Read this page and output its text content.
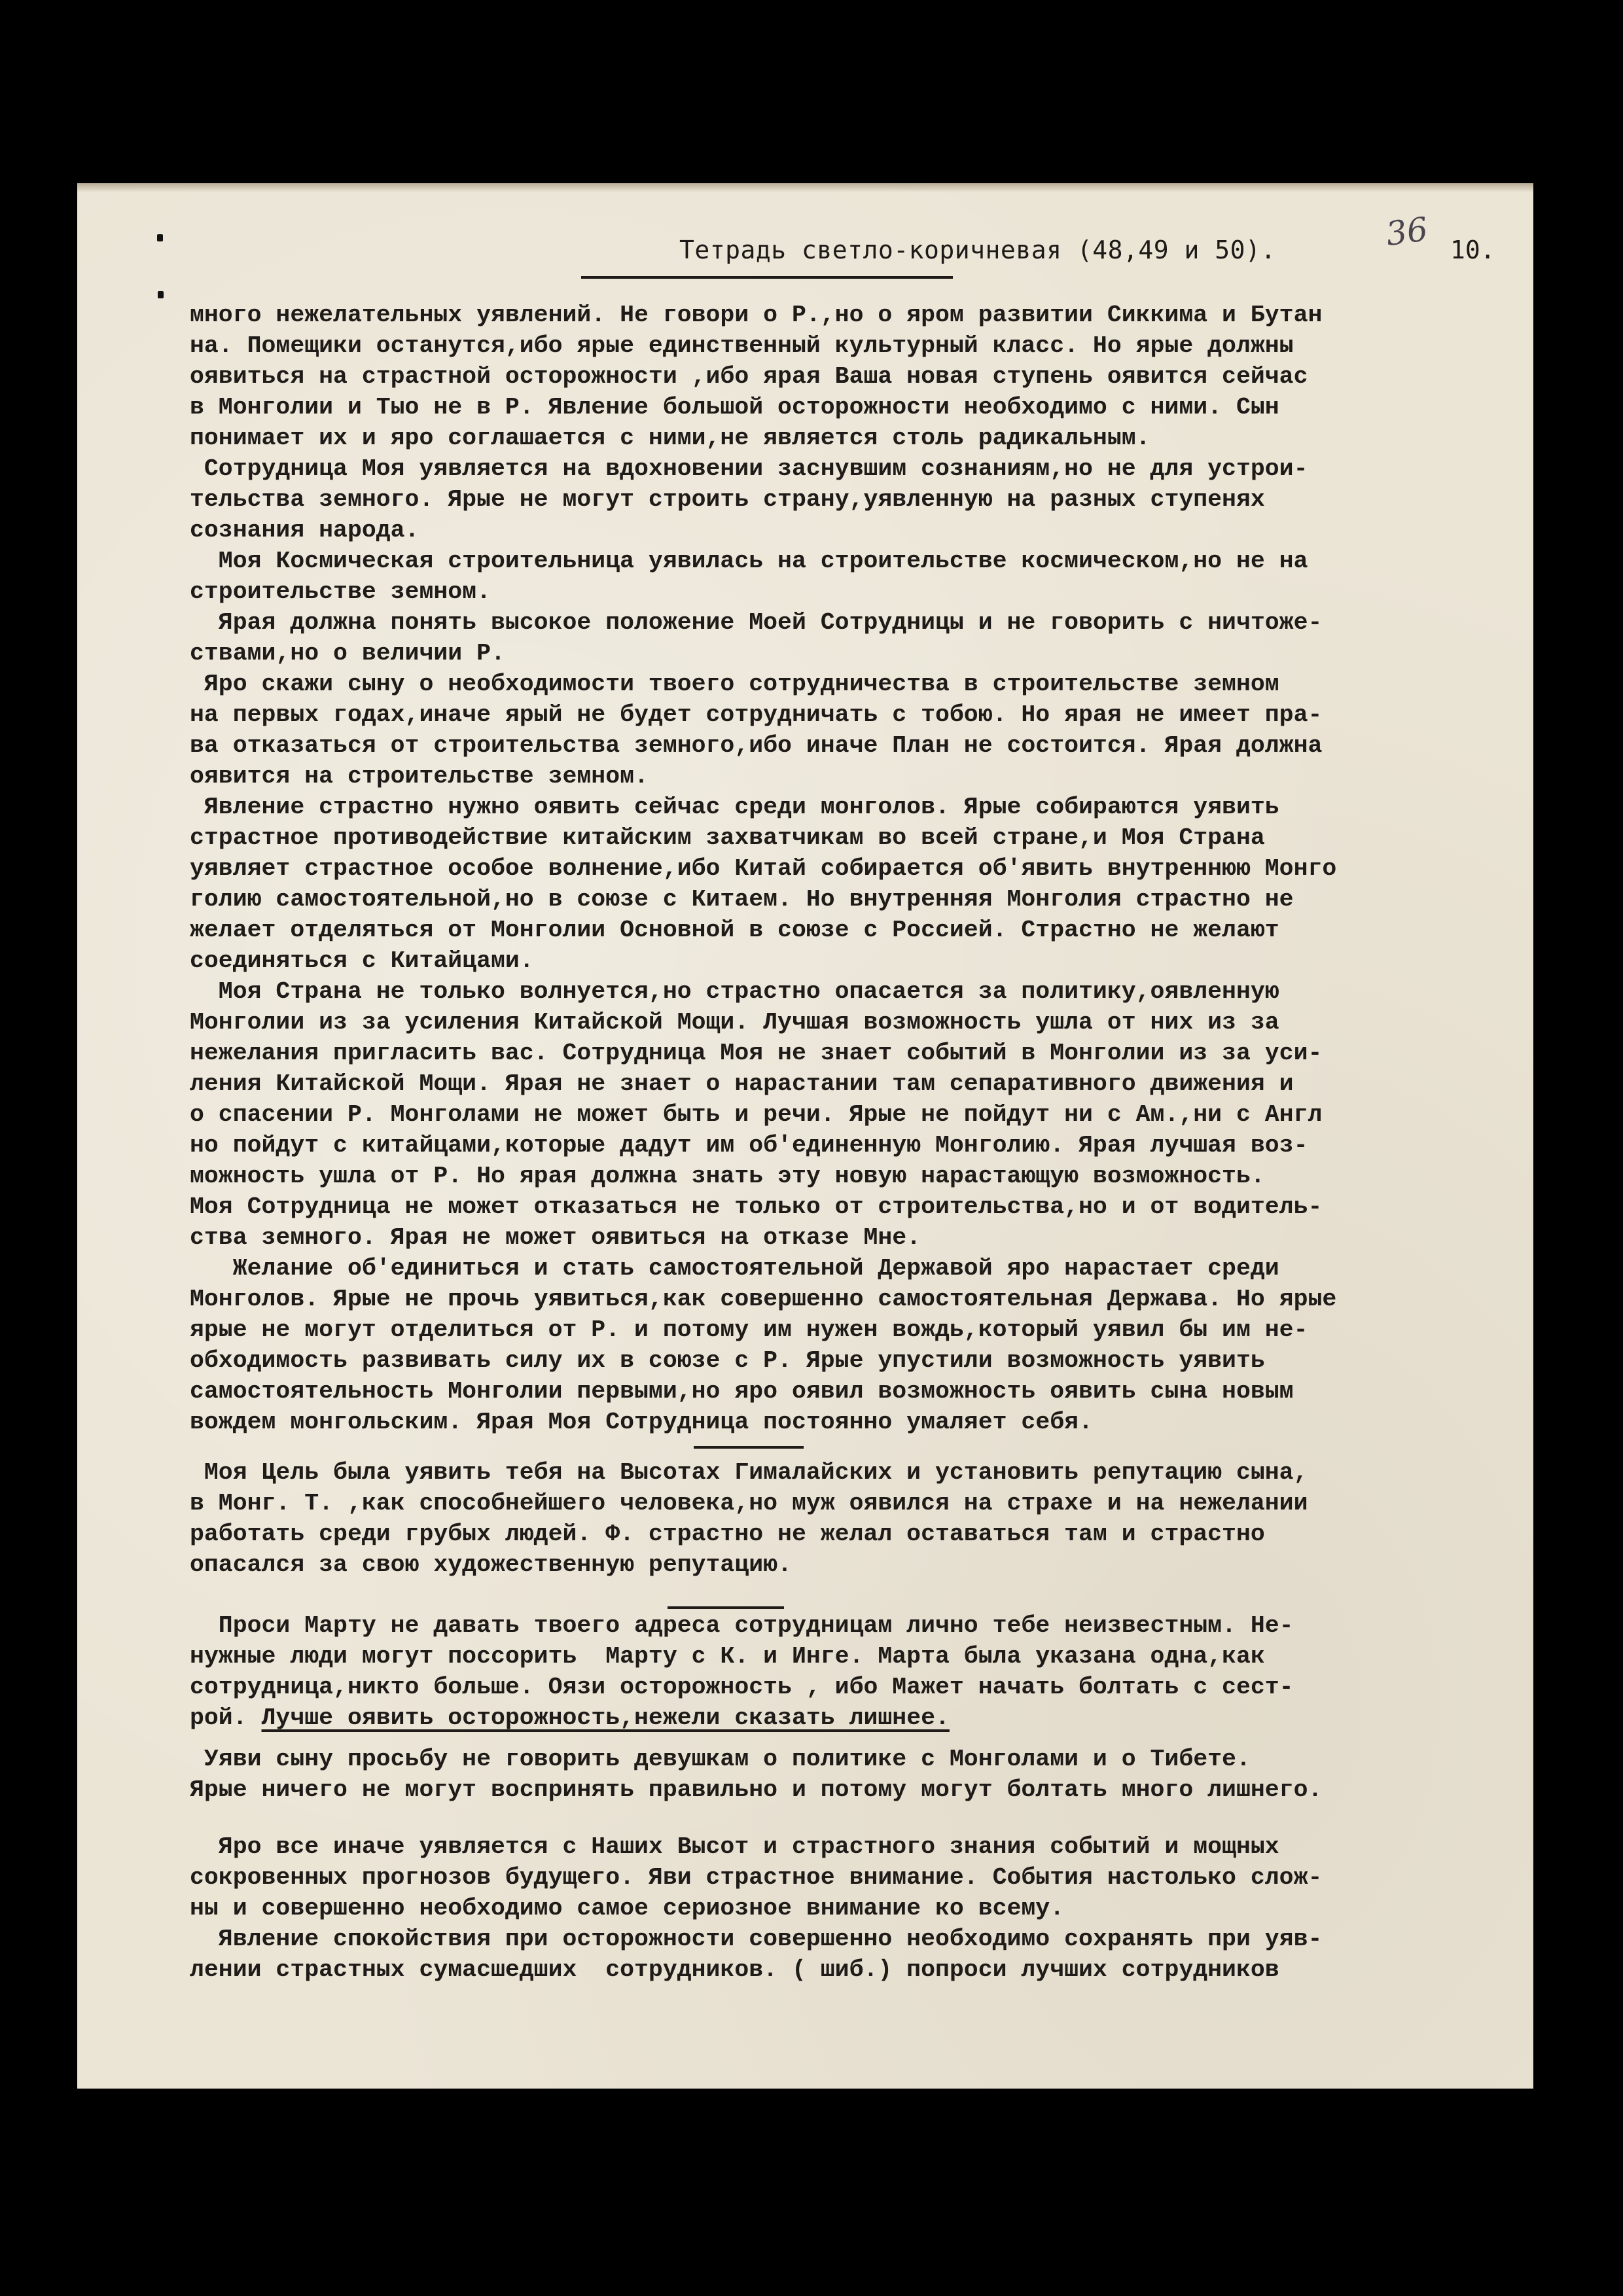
Тетрадь светло-коричневая (48,49 и 50).	36 10.
много нежелательных уявлений. Не говори о Р.,но о яром развитии Сиккима и Бутан
на. Помещики останутся,ибо ярые единственный культурный класс. Но ярые должны
оявиться на страстной осторожности ,ибо ярая Ваша новая ступень оявится сейчас
в Монголии и Тыо не в Р. Явление большой осторожности необходимо с ними. Сын
понимает их и яро соглашается с ними,не является столь радикальным.
Сотрудница Моя уявляется на вдохновении заснувшим сознаниям,но не для устрои-
тельства земного. Ярые не могут строить страну,уявленную на разных ступенях
сознания народа.
Моя Космическая строительница уявилась на строительстве космическом,но не на
строительстве земном.
Ярая должна понять высокое положение Моей Сотрудницы и не говорить с ничтоже-
ствами,но о величии Р.
Яро скажи сыну о необходимости твоего сотрудничества в строительстве земном
на первых годах,иначе ярый не будет сотрудничать с тобою. Но ярая не имеет пра-
ва отказаться от строительства земного,ибо иначе План не состоится. Ярая должна
оявится на строительстве земном.
Явление страстно нужно оявить сейчас среди монголов. Ярые собираются уявить
страстное противодействие китайским захватчикам во всей стране,и Моя Страна
уявляет страстное особое волнение,ибо Китай собирается об'явить внутреннюю Монго
голию самостоятельной,но в союзе с Китаем. Но внутренняя Монголия страстно не
желает отделяться от Монголии Основной в союзе с Россией. Страстно не желают
соединяться с Китайцами.
Моя Страна не только волнуется,но страстно опасается за политику,оявленную
Монголии из за усиления Китайской Мощи. Лучшая возможность ушла от них из за
нежелания пригласить вас. Сотрудница Моя не знает событий в Монголии из за уси-
ления Китайской Мощи. Ярая не знает о нарастании там сепаративного движения и
о спасении Р. Монголами не может быть и речи. Ярые не пойдут ни с Ам.,ни с Англ
но пойдут с китайцами,которые дадут им об'единенную Монголию. Ярая лучшая воз-
можность ушла от Р. Но ярая должна знать эту новую нарастающую возможность.
Моя Сотрудница не может отказаться не только от строительства,но и от водитель-
ства земного. Ярая не может оявиться на отказе Мне.
Желание об'единиться и стать самостоятельной Державой яро нарастает среди
Монголов. Ярые не прочь уявиться,как совершенно самостоятельная Держава. Но ярые
ярые не могут отделиться от Р. и потому им нужен вождь,который уявил бы им не-
обходимость развивать силу их в союзе с Р. Ярые упустили возможность уявить
самостоятельность Монголии первыми,но яро оявил возможность оявить сына новым
вождем монгольским. Ярая Моя Сотрудница постоянно умаляет себя.
Моя Цель была уявить тебя на Высотах Гималайских и установить репутацию сына,
в Монг. Т. ,как способнейшего человека,но муж оявился на страхе и на нежелании
работать среди грубых людей. Ф. страстно не желал оставаться там и страстно
опасался за свою художественную репутацию.
Проси Марту не давать твоего адреса сотрудницам лично тебе неизвестным. Не-
нужные люди могут поссорить  Марту с К. и Инге. Марта была указана одна,как
сотрудница,никто больше. Оязи осторожность , ибо Мажет начать болтать с сест-
рой. Лучше оявить осторожность,нежели сказать лишнее.
Уяви сыну просьбу не говорить девушкам о политике с Монголами и о Тибете.
Ярые ничего не могут воспринять правильно и потому могут болтать много лишнего.
Яро все иначе уявляется с Наших Высот и страстного знания событий и мощных
сокровенных прогнозов будущего. Яви страстное внимание. События настолько слож-
ны и совершенно необходимо самое сериозное внимание ко всему.
Явление спокойствия при осторожности совершенно необходимо сохранять при уяв-
лении страстных сумасшедших  сотрудников. ( шиб.) попроси лучших сотрудников
